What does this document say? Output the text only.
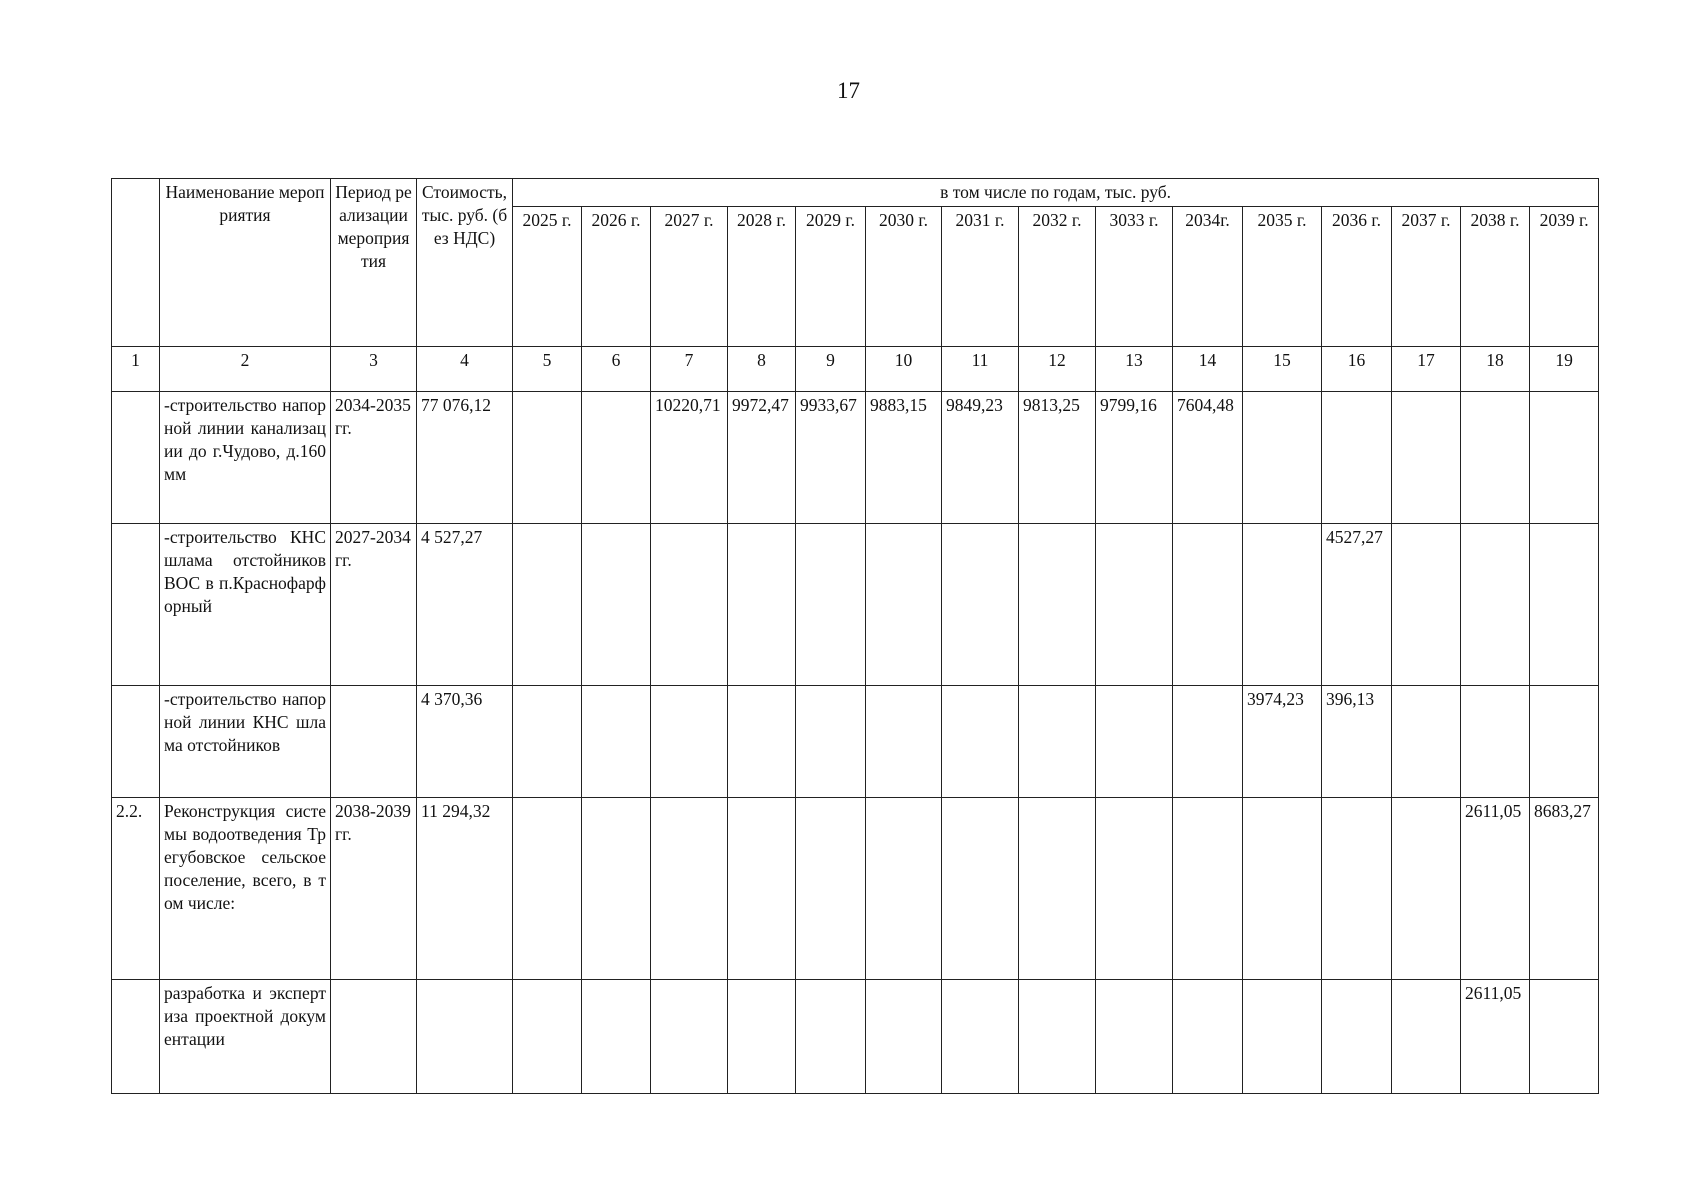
17
	Наименование мероприятия	Период реализации мероприятия	Стоимость, тыс. руб. (без НДС)	в том числе по годам, тыс. руб.														
				2025 г.	2026 г.	2027 г.	2028 г.	2029 г.	2030 г.	2031 г.	2032 г.	3033 г.	2034г.	2035 г.	2036 г.	2037 г.	2038 г.	2039 г.
1	2	3	4	5	6	7	8	9	10	11	12	13	14	15	16	17	18	19
	-строительство напорной линии канализации до г.Чудово, д.160 мм	2034-2035 гг.	77 076,12			10220,71	9972,47	9933,67	9883,15	9849,23	9813,25	9799,16	7604,48					
	-строительство КНС шлама отстойников ВОС в п.Краснофарфорный	2027-2034гг.	4 527,27												4527,27			
	-строительство напорной линии КНС шлама отстойников		4 370,36											3974,23	396,13			
2.2.	Реконструкция системы водоотведения Трегубовское сельское поселение, всего, в том числе:	2038-2039гг.	11 294,32														2611,05	8683,27
	разработка и экспертиза проектной документации																2611,05	
